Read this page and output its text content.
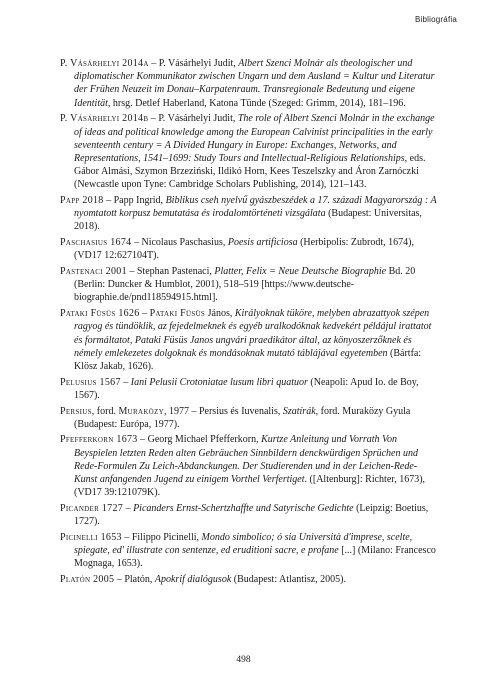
Bibliográfia

P. Vásárhelyi 2014a – P. Vásárhelyi Judit, Albert Szenci Molnár als theologischer und diplomatischer Kommunikator zwischen Ungarn und dem Ausland = Kultur und Literatur der Frühen Neuzeit im Donau–Karpatenraum. Transregionale Bedeutung und eigene Identität, hrsg. Detlef Haberland, Katona Tünde (Szeged: Grimm, 2014), 181–196.

P. Vásárhelyi 2014b – P. Vásárhelyi Judit, The role of Albert Szenci Molnár in the exchange of ideas and political knowledge among the European Calvinist principalities in the early seventeenth century = A Divided Hungary in Europe: Exchanges, Networks, and Representations, 1541–1699: Study Tours and Intellectual-Religious Relationships, eds. Gábor Almási, Szymon Brzeziński, Ildikó Horn, Kees Teszelszky and Áron Zarnóczki (Newcastle upon Tyne: Cambridge Scholars Publishing, 2014), 121–143.

Papp 2018 – Papp Ingrid, Biblikus cseh nyelvű gyászbeszédek a 17. századi Magyarország : A nyomtatott korpusz bemutatása és irodalomtörténeti vizsgálata (Budapest: Universitas, 2018).

Paschasius 1674 – Nicolaus Paschasius, Poesis artificiosa (Herbipolis: Zubrodt, 1674), (VD17 12:627104T).

Pastenaci 2001 – Stephan Pastenaci, Platter, Felix = Neue Deutsche Biographie Bd. 20 (Berlin: Duncker & Humblot, 2001), 518–519 [https://www.deutsche-biographie.de/pnd118594915.html].

Pataki Füsüs 1626 – Pataki Füsüs János, Királyoknak tüköre, melyben abrazattyok szépen ragyog és tündöklik, az fejedelmeknek és egyéb uralkodóknak kedvekért példájul irattatot és formáltatot, Pataki Füsüs Janos ungvári praedikátor által, az könyoszerzőknek és némely emlekezetes dolgoknak és mondásoknak mutató táblájával egyetemben (Bártfa: Klösz Jakab, 1626).

Pelusius 1567 – Iani Pelusii Crotoniatae lusum libri quatuor (Neapoli: Apud Io. de Boy, 1567).

Persius, ford. Muraközy, 1977 – Persius és Iuvenalis, Szatírák, ford. Muraközy Gyula (Budapest: Európa, 1977).

Pfefferkorn 1673 – Georg Michael Pfefferkorn, Kurtze Anleitung und Vorrath Von Beyspielen letzten Reden alten Gebräuchen Sinnbildern denckwürdigen Sprüchen und Rede-Formulen Zu Leich-Abdanckungen. Der Studierenden und in der Leichen-Rede-Kunst anfangenden Jugend zu einigem Vorthel Verfertiget. ([Altenburg]: Richter, 1673), (VD17 39:121079K).

Picander 1727 – Picanders Ernst-Schertzhaffte und Satyrische Gedichte (Leipzig: Boetius, 1727).

Picinelli 1653 – Filippo Picinelli, Mondo simbolico; ó sia Università d'imprese, scelte, spiegate, ed' illustrate con sentenze, ed eruditioni sacre, e profane [...] (Milano: Francesco Mognaga, 1653).

Platón 2005 – Platón, Apokrif dialógusok (Budapest: Atlantisz, 2005).

498
